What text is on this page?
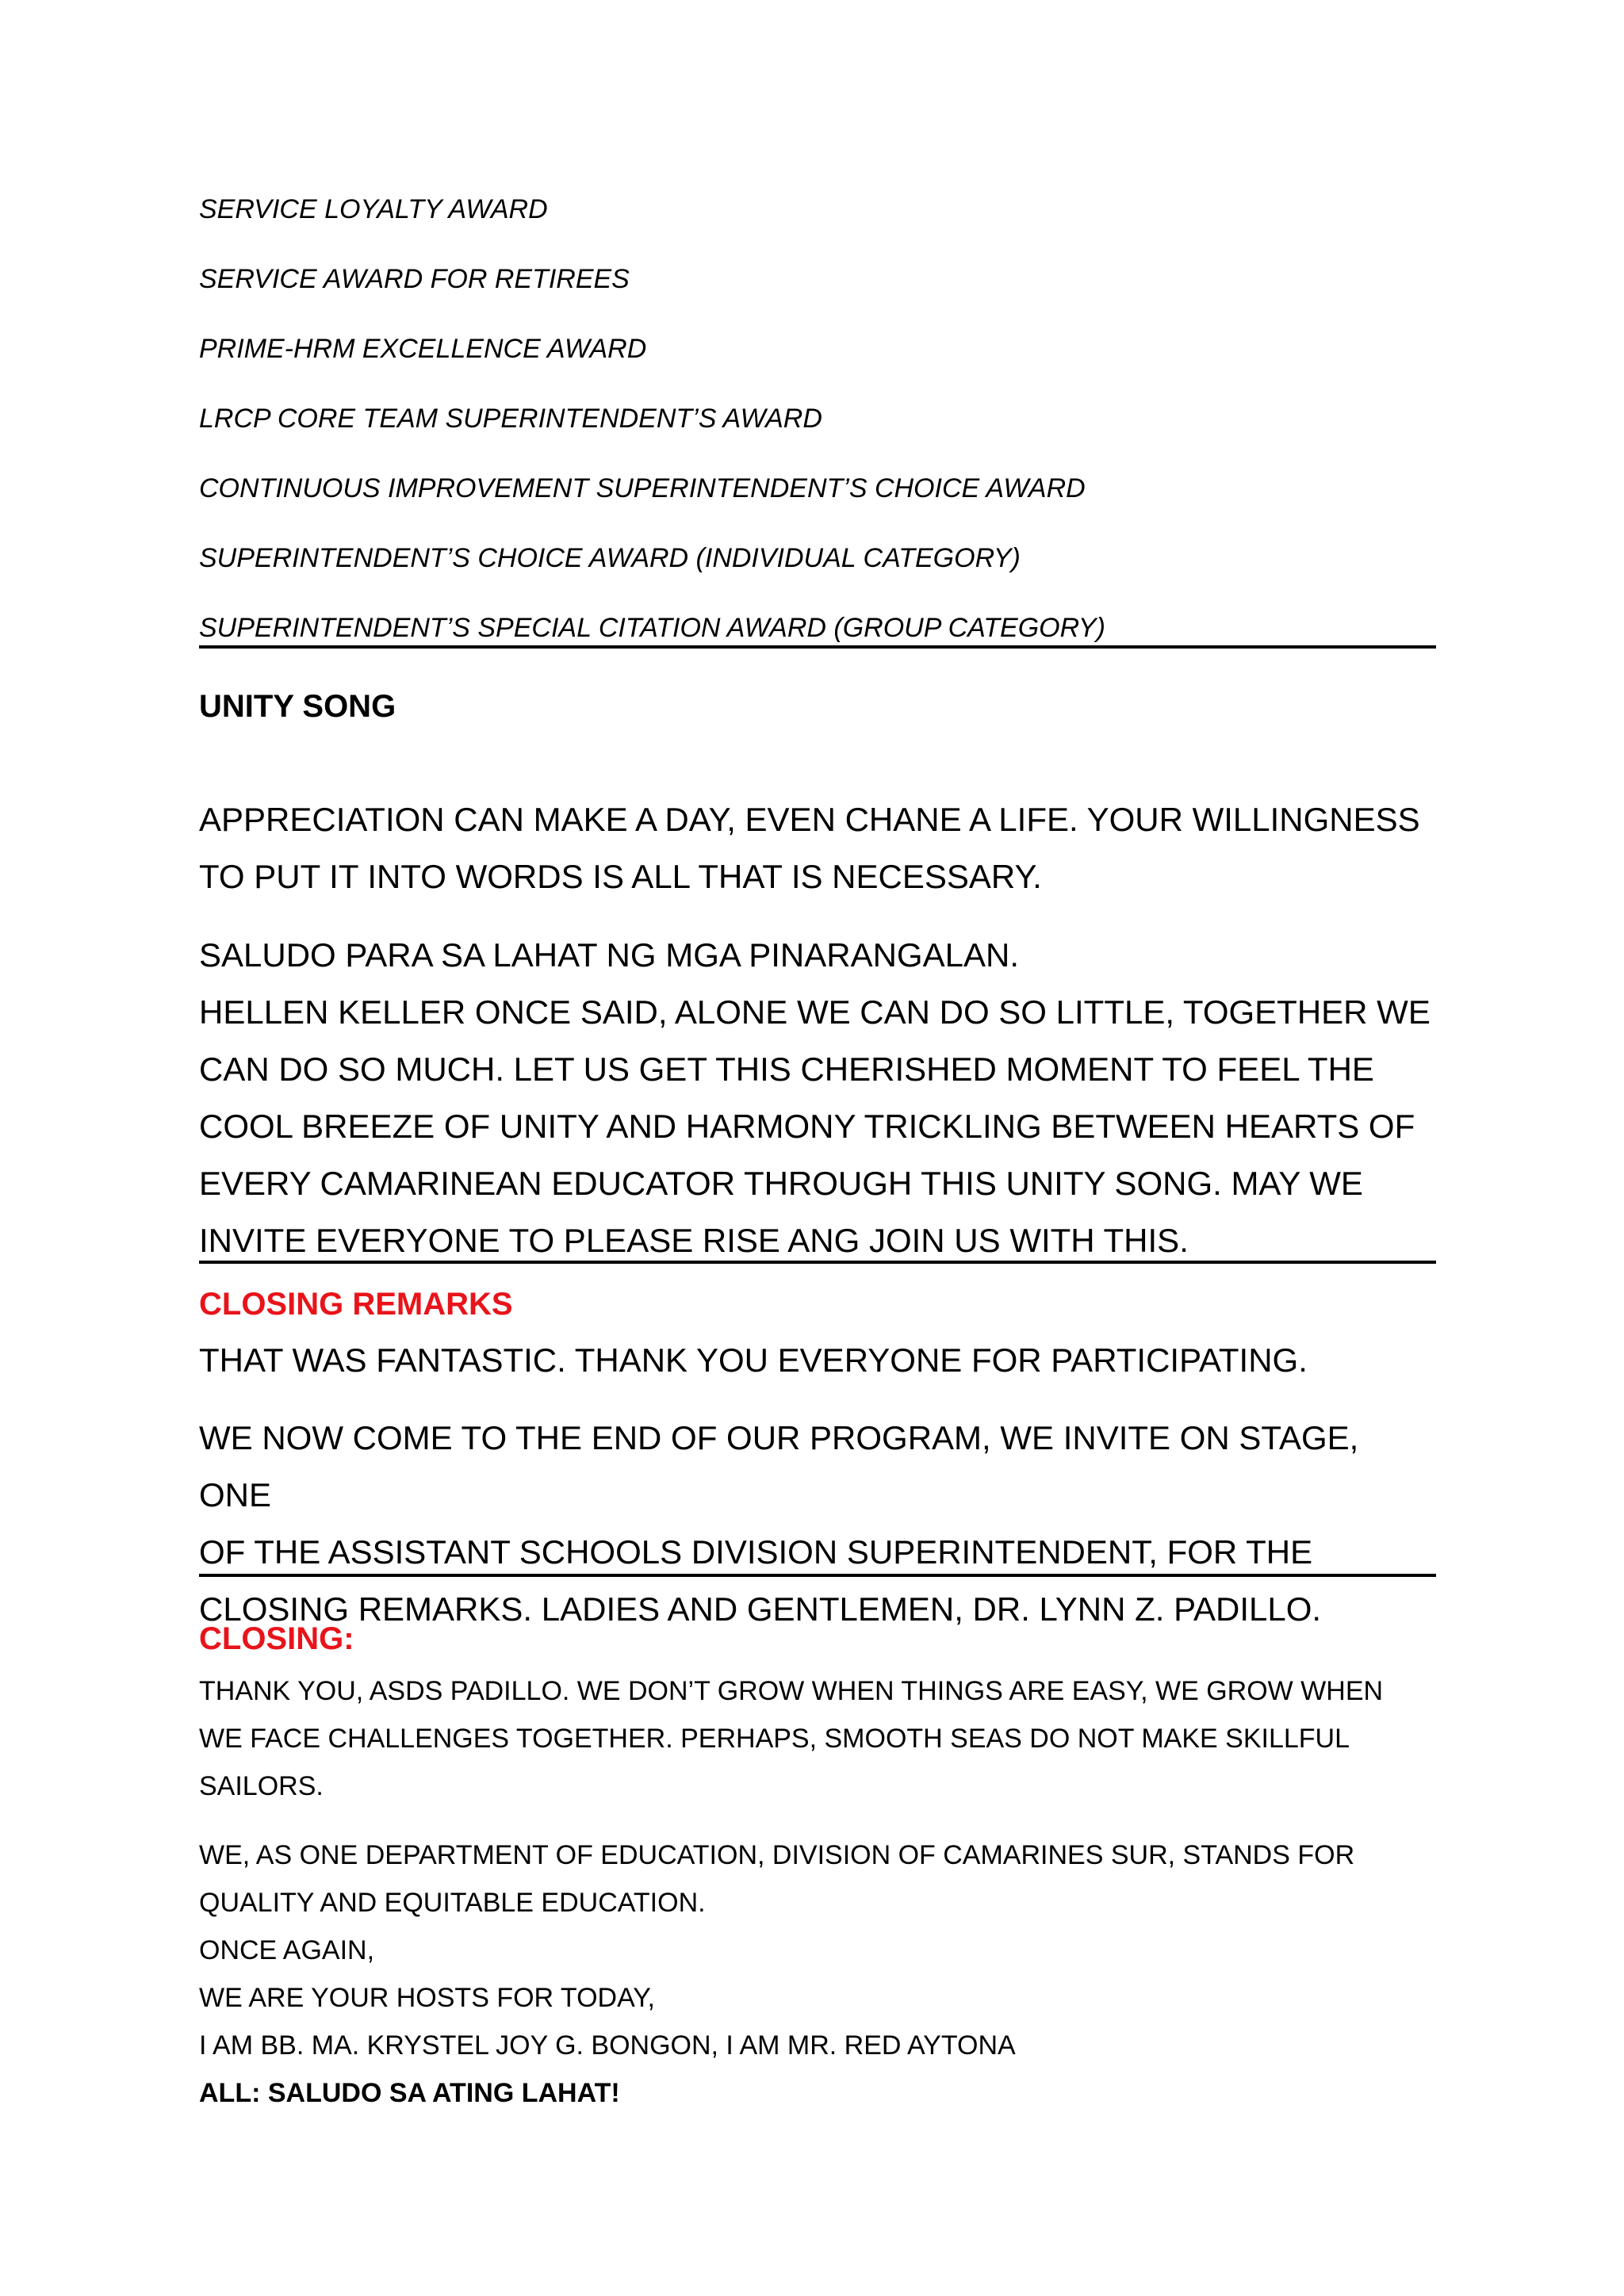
SERVICE LOYALTY AWARD
SERVICE AWARD FOR RETIREES
PRIME-HRM EXCELLENCE AWARD
LRCP CORE TEAM SUPERINTENDENT’S AWARD
CONTINUOUS IMPROVEMENT SUPERINTENDENT’S CHOICE AWARD
SUPERINTENDENT’S CHOICE AWARD (INDIVIDUAL CATEGORY)
SUPERINTENDENT’S SPECIAL CITATION AWARD (GROUP CATEGORY)
UNITY SONG

APPRECIATION CAN MAKE A DAY, EVEN CHANE A LIFE. YOUR WILLINGNESS

TO PUT IT INTO WORDS IS ALL THAT IS NECESSARY.

SALUDO PARA SA LAHAT NG MGA PINARANGALAN.

HELLEN KELLER ONCE SAID, ALONE WE CAN DO SO LITTLE, TOGETHER WE

CAN DO SO MUCH. LET US GET THIS CHERISHED MOMENT TO FEEL THE

COOL BREEZE OF UNITY AND HARMONY TRICKLING BETWEEN HEARTS OF

EVERY CAMARINEAN EDUCATOR THROUGH THIS UNITY SONG. MAY WE

INVITE EVERYONE TO PLEASE RISE ANG JOIN US WITH THIS.

CLOSING REMARKS

THAT WAS FANTASTIC. THANK YOU EVERYONE FOR PARTICIPATING.

WE NOW COME TO THE END OF OUR PROGRAM, WE INVITE ON STAGE, ONE

OF THE ASSISTANT SCHOOLS DIVISION SUPERINTENDENT, FOR THE

CLOSING REMARKS. LADIES AND GENTLEMEN, DR. LYNN Z. PADILLO.

CLOSING:

THANK YOU, ASDS PADILLO. WE DON’T GROW WHEN THINGS ARE EASY, WE GROW WHEN

WE FACE CHALLENGES TOGETHER. PERHAPS, SMOOTH SEAS DO NOT MAKE SKILLFUL

SAILORS.

WE, AS ONE DEPARTMENT OF EDUCATION, DIVISION OF CAMARINES SUR, STANDS FOR

QUALITY AND EQUITABLE EDUCATION.

ONCE AGAIN,

WE ARE YOUR HOSTS FOR TODAY,

I AM BB. MA. KRYSTEL JOY G. BONGON, I AM MR. RED AYTONA

ALL: SALUDO SA ATING LAHAT!
